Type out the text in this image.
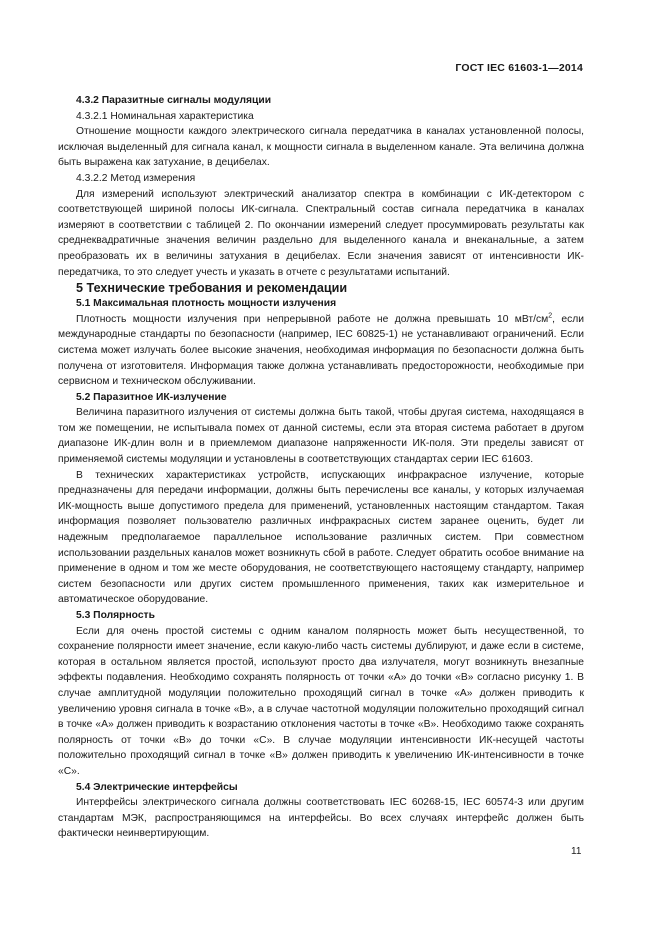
ГОСТ IEC 61603-1—2014

4.3.2 Паразитные сигналы модуляции

4.3.2.1 Номинальная характеристика

Отношение мощности каждого электрического сигнала передатчика в каналах установленной полосы, исключая выделенный для сигнала канал, к мощности сигнала в выделенном канале. Эта величина должна быть выражена как затухание, в децибелах.

4.3.2.2 Метод измерения

Для измерений используют электрический анализатор спектра в комбинации с ИК-детектором с соответствующей шириной полосы ИК-сигнала. Спектральный состав сигнала передатчика в каналах измеряют в соответствии с таблицей 2. По окончании измерений следует просуммировать результаты как среднеквадратичные значения величин раздельно для выделенного канала и внеканальные, а затем преобразовать их в величины затухания в децибелах. Если значения зависят от интенсивности ИК-передатчика, то это следует учесть и указать в отчете с результатами испытаний.

5 Технические требования и рекомендации

5.1 Максимальная плотность мощности излучения

Плотность мощности излучения при непрерывной работе не должна превышать 10 мВт/$см^2$, если международные стандарты по безопасности (например, IEC 60825-1) не устанавливают ограничений. Если система может излучать более высокие значения, необходимая информация по безопасности должна быть получена от изготовителя. Информация также должна устанавливать предосторожности, необходимые при сервисном и техническом обслуживании.

5.2 Паразитное ИК-излучение

Величина паразитного излучения от системы должна быть такой, чтобы другая система, находящаяся в том же помещении, не испытывала помех от данной системы, если эта вторая система работает в другом диапазоне ИК-длин волн и в приемлемом диапазоне напряженности ИК-поля. Эти пределы зависят от применяемой системы модуляции и установлены в соответствующих стандартах серии IEC 61603.

В технических характеристиках устройств, испускающих инфракрасное излучение, которые предназначены для передачи информации, должны быть перечислены все каналы, у которых излучаемая ИК-мощность выше допустимого предела для применений, установленных настоящим стандартом. Такая информация позволяет пользователю различных инфракрасных систем заранее оценить, будет ли надежным предполагаемое параллельное использование различных систем. При совместном использовании раздельных каналов может возникнуть сбой в работе. Следует обратить особое внимание на применение в одном и том же месте оборудования, не соответствующего настоящему стандарту, например систем безопасности или других систем промышленного применения, таких как измерительное и автоматическое оборудование.

5.3 Полярность

Если для очень простой системы с одним каналом полярность может быть несущественной, то сохранение полярности имеет значение, если какую-либо часть системы дублируют, и даже если в системе, которая в остальном является простой, используют просто два излучателя, могут возникнуть внезапные эффекты подавления. Необходимо сохранять полярность от точки «A» до точки «B» согласно рисунку 1. В случае амплитудной модуляции положительно проходящий сигнал в точке «A» должен приводить к увеличению уровня сигнала в точке «B», а в случае частотной модуляции положительно проходящий сигнал в точке «A» должен приводить к возрастанию отклонения частоты в точке «B». Необходимо также сохранять полярность от точки «B» до точки «C». В случае модуляции интенсивности ИК-несущей частоты положительно проходящий сигнал в точке «B» должен приводить к увеличению ИК-интенсивности в точке «C».

5.4 Электрические интерфейсы

Интерфейсы электрического сигнала должны соответствовать IEC 60268-15, IEC 60574-3 или другим стандартам МЭК, распространяющимся на интерфейсы. Во всех случаях интерфейс должен быть фактически неинвертирующим.

11
